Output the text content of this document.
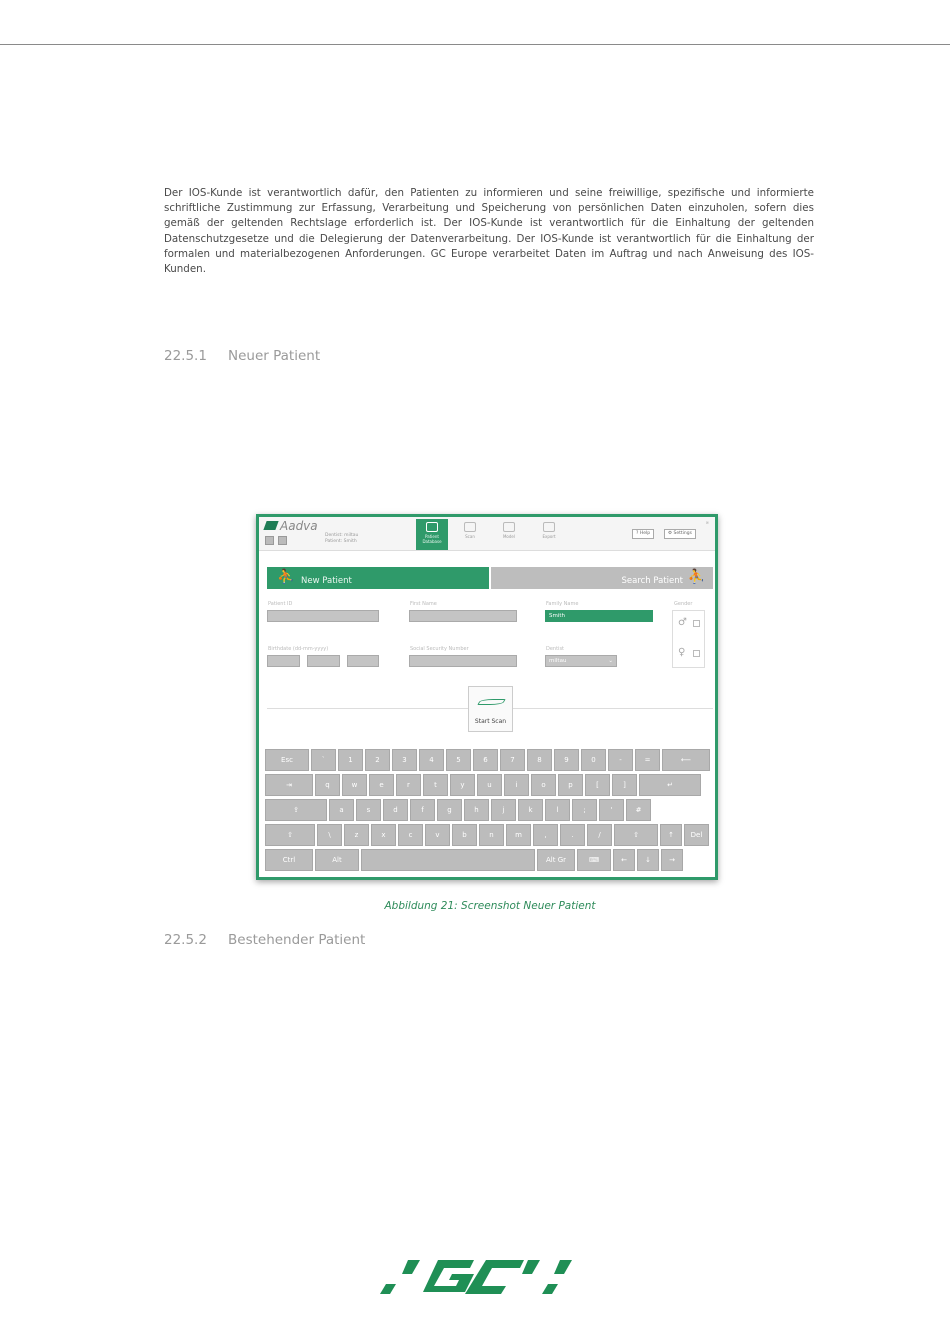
Der IOS-Kunde ist verantwortlich dafür, den Patienten zu informieren und seine freiwillige, spezifische und informierte schriftliche Zustimmung zur Erfassung, Verarbeitung und Speicherung von persönlichen Daten einzuholen, sofern dies gemäß der geltenden Rechtslage erforderlich ist. Der IOS-Kunde ist verantwortlich für die Einhaltung der geltenden Datenschutzgesetze und die Delegierung der Datenverarbeitung. Der IOS-Kunde ist verantwortlich für die Einhaltung der formalen und materialbezogenen Anforderungen. GC Europe verarbeitet Daten im Auftrag und nach Anweisung des IOS-Kunden.

22.5.1 Neuer Patient
Aadva
Dentist: miltau
Patient: Smith
Patient Database
Scan	Model	Export
? Help	⚙ Settings
≋
⛹ New Patient	Search Patient ⛹
Patient ID	First Name	Family Name
Smith
Gender
♂
♀
Birthdate (dd-mm-yyyy)	Social Security Number	Dentist
miltau	⌄
Start Scan
Esc	`	1	2	3	4	5	6	7	8	9	0	-	=	⟵
⇥	q	w	e	r	t	y	u	i	o	p	[	]	↵
⇪	a	s	d	f	g	h	j	k	l	;	'	#
⇧	\	z	x	c	v	b	n	m	,	.	/	⇧	↑	Del
Ctrl	Alt	Alt Gr	⌨	←	↓	→
Abbildung 21: Screenshot Neuer Patient
22.5.2 Bestehender Patient
